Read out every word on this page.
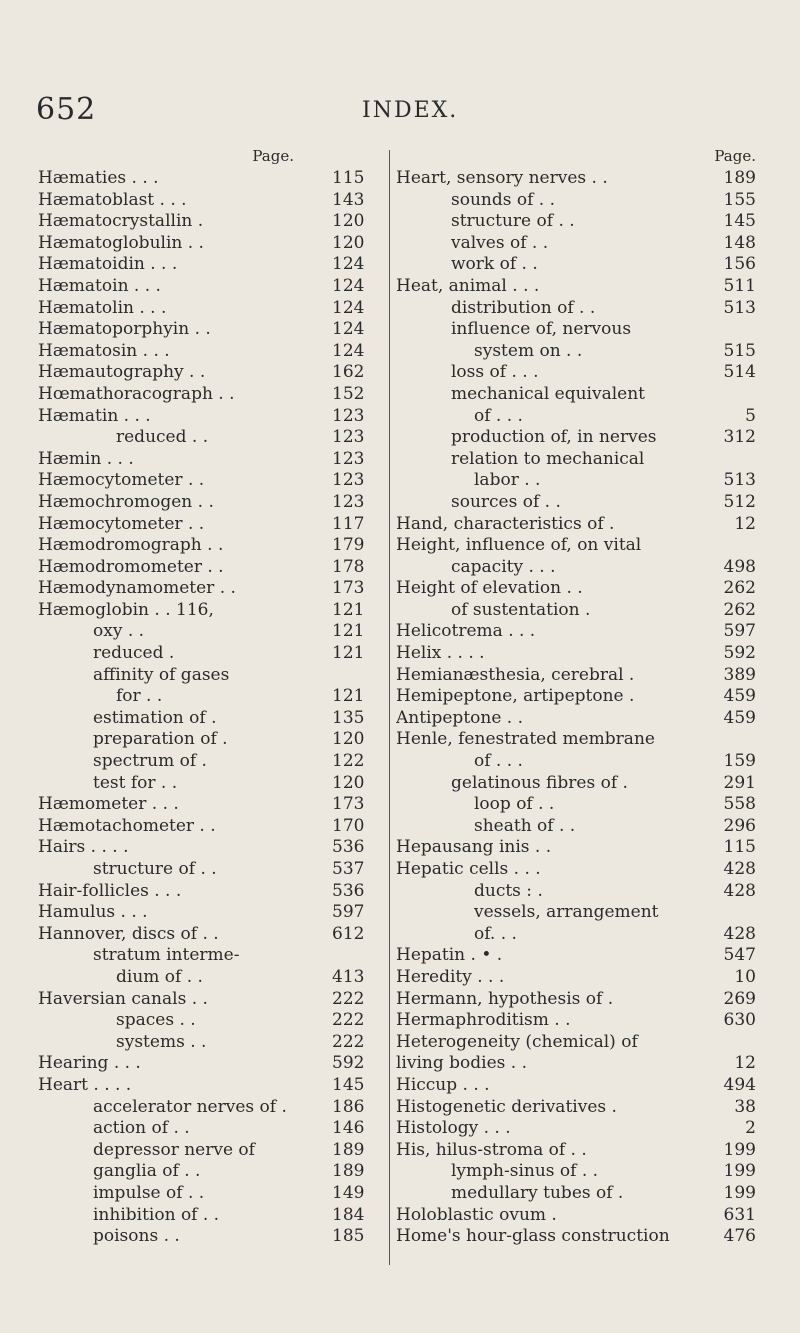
652	INDEX.
Page.
Hæmaties . . .	115
Hæmatoblast . . .	143
Hæmatocrystallin .	120
Hæmatoglobulin . .	120
Hæmatoidin . . .	124
Hæmatoin . . .	124
Hæmatolin . . .	124
Hæmatoporphyin . .	124
Hæmatosin . . .	124
Hæmautography . .	162
Hœmathoracograph . .	152
Hæmatin . . .	123
reduced . .	123
Hæmin . . .	123
Hæmocytometer . .	123
Hæmochromogen . .	123
Hæmocytometer . .	117
Hæmodromograph . .	179
Hæmodromometer . .	178
Hæmodynamometer . .	173
Hæmoglobin . . 116,	121
oxy . .	121
reduced .	121
affinity of gases
for . .	121
estimation of .	135
preparation of .	120
spectrum of .	122
test for . .	120
Hæmometer . . .	173
Hæmotachometer . .	170
Hairs . . . .	536
structure of . .	537
Hair-follicles . . .	536
Hamulus . . .	597
Hannover, discs of . .	612
stratum interme-
dium of . .	413
Haversian canals . .	222
spaces . .	222
systems . .	222
Hearing . . .	592
Heart . . . .	145
accelerator nerves of .	186
action of . .	146
depressor nerve of	189
ganglia of . .	189
impulse of . .	149
inhibition of . .	184
poisons . .	185
Page.
Heart, sensory nerves . .	189
sounds of . .	155
structure of . .	145
valves of . .	148
work of . .	156
Heat, animal . . .	511
distribution of . .	513
influence of, nervous
system on . .	515
loss of . . .	514
mechanical equivalent
of . . .	5
production of, in nerves	312
relation to mechanical
labor . .	513
sources of . .	512
Hand, characteristics of .	12
Height, influence of, on vital
capacity . . .	498
Height of elevation . .	262
of sustentation .	262
Helicotrema . . .	597
Helix . . . .	592
Hemianæsthesia, cerebral .	389
Hemipeptone, artipeptone .	459
Antipeptone . .	459
Henle, fenestrated membrane
of . . .	159
gelatinous fibres of .	291
loop of . .	558
sheath of . .	296
Hepausang inis . .	115
Hepatic cells . . .	428
ducts : .	428
vessels, arrangement
of. . .	428
Hepatin . • .	547
Heredity . . .	10
Hermann, hypothesis of .	269
Hermaphroditism . .	630
Heterogeneity (chemical) of
living bodies . .	12
Hiccup . . .	494
Histogenetic derivatives .	38
Histology . . .	2
His, hilus-stroma of . .	199
lymph-sinus of . .	199
medullary tubes of .	199
Holoblastic ovum .	631
Home's hour-glass construction	476
